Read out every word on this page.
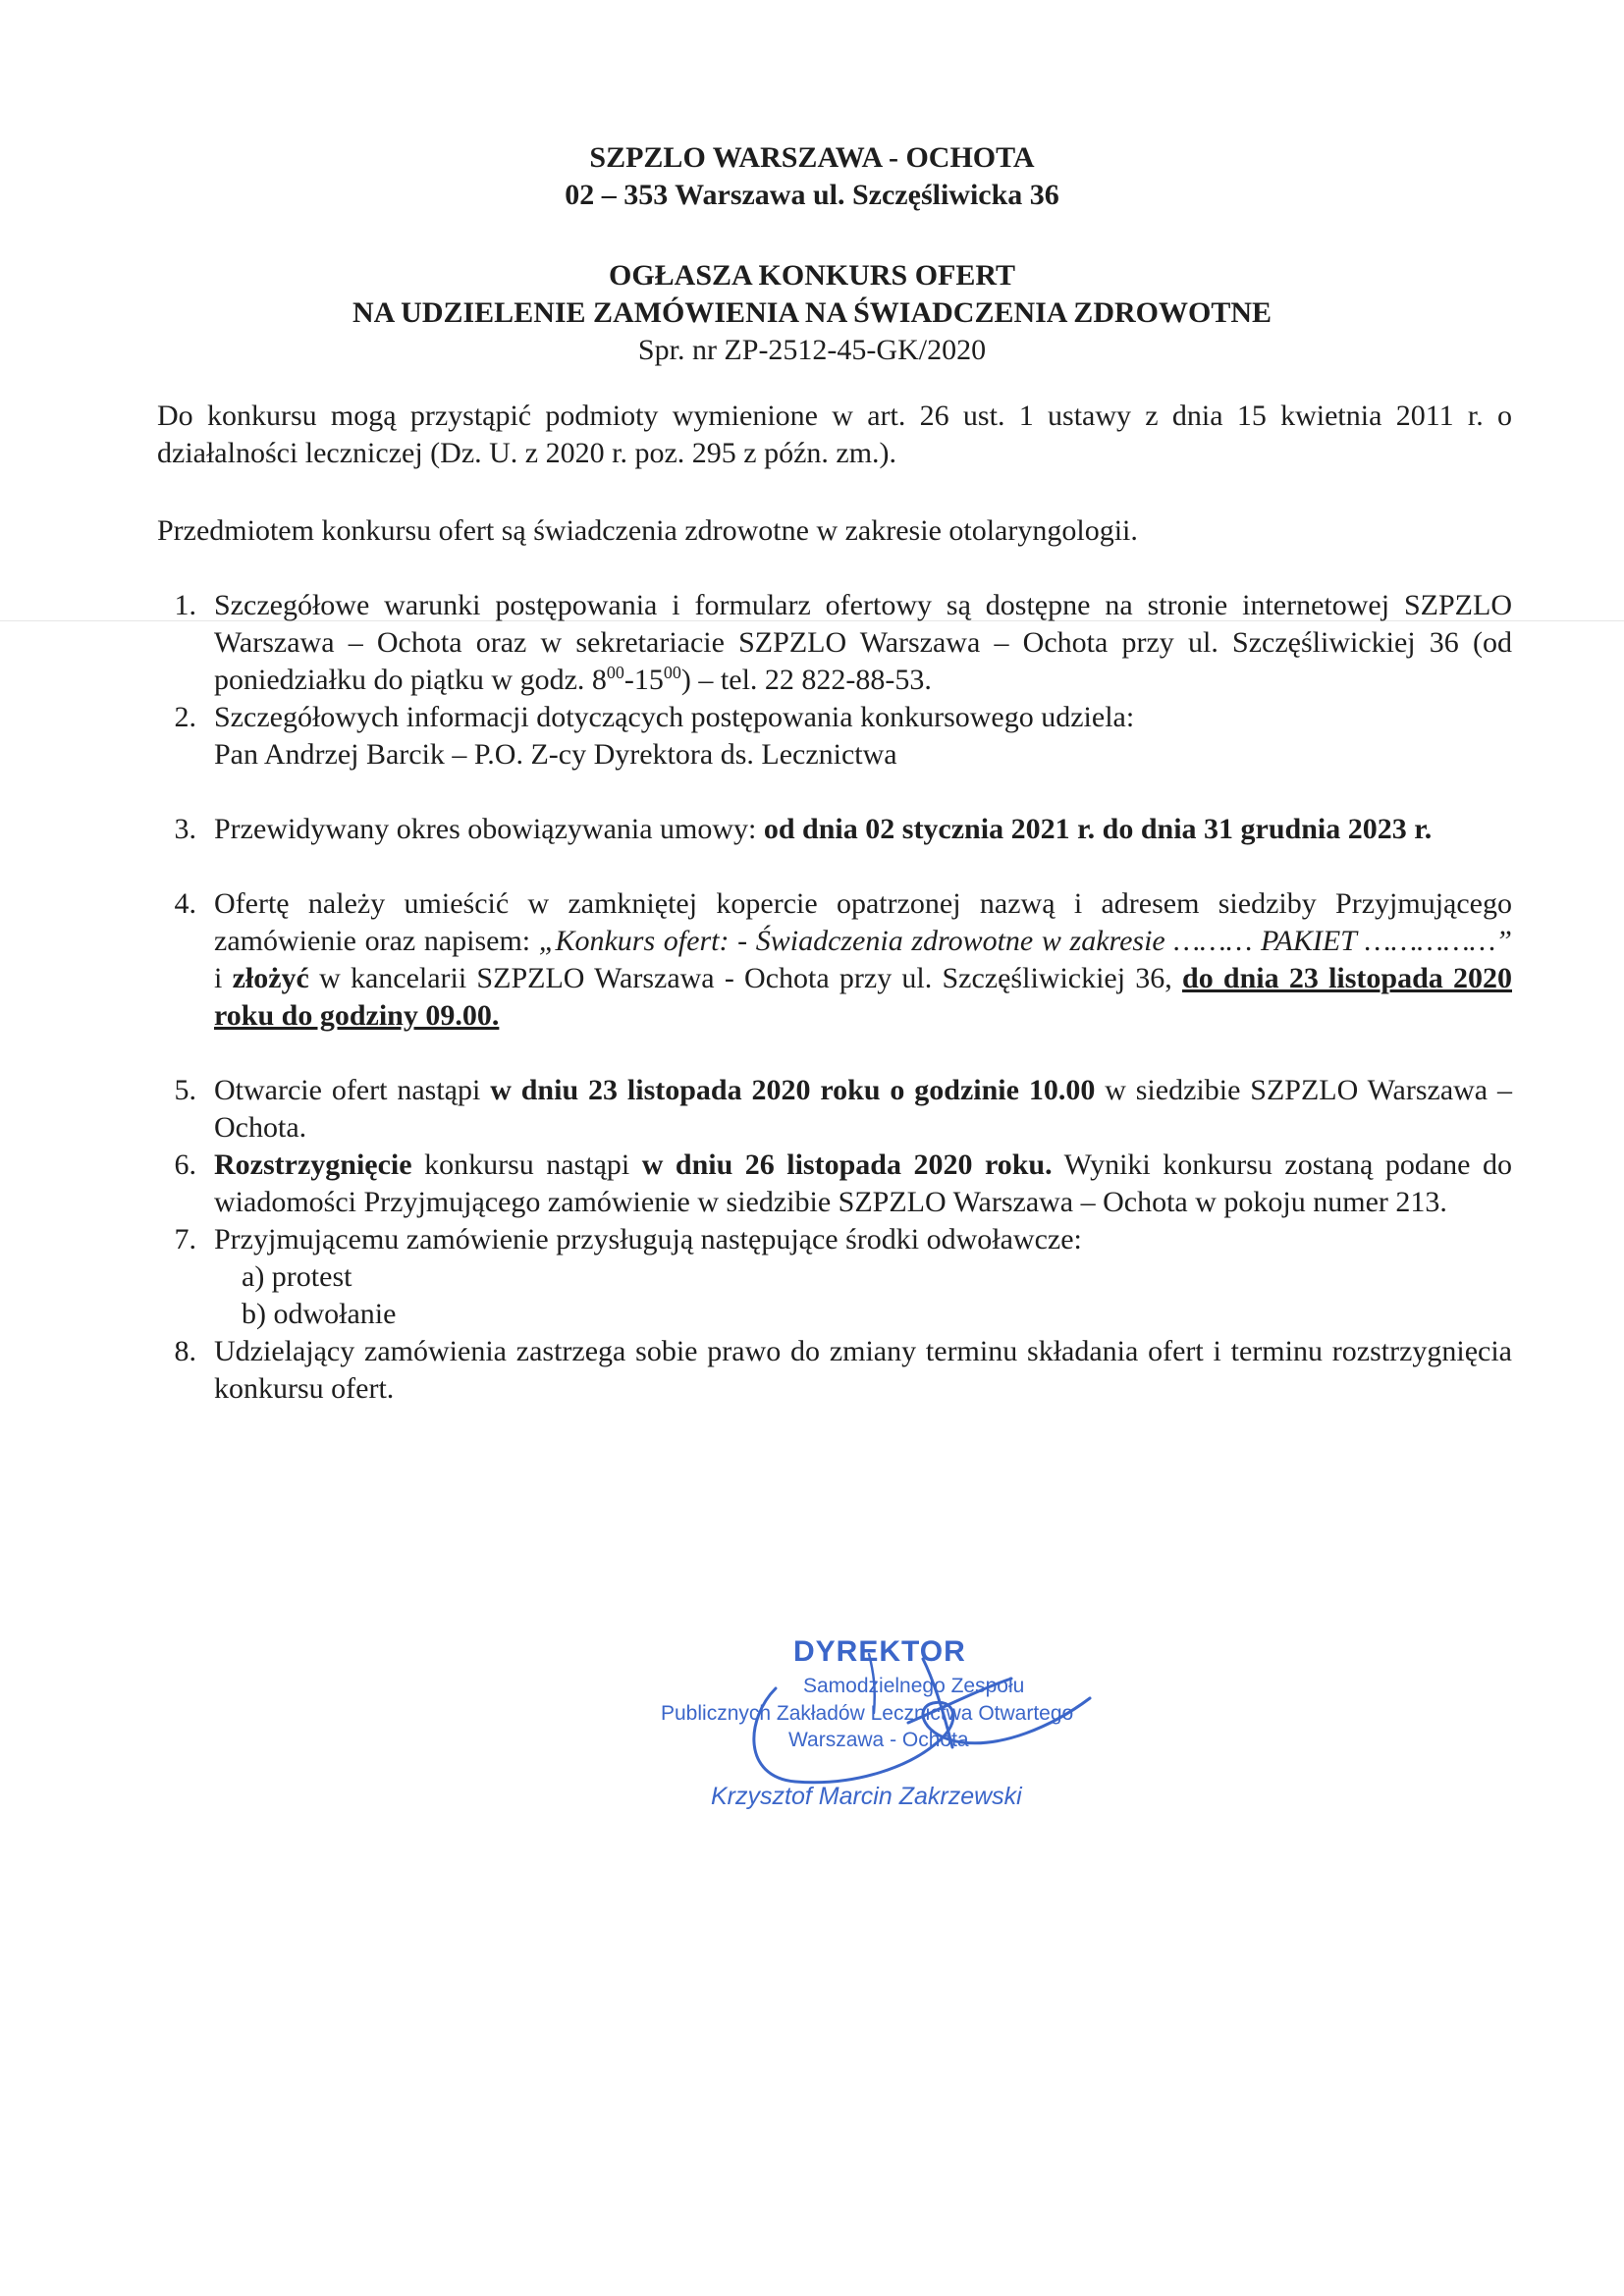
SZPZLO WARSZAWA - OCHOTA
02 – 353 Warszawa ul. Szczęśliwicka 36
OGŁASZA KONKURS OFERT
NA UDZIELENIE ZAMÓWIENIA NA ŚWIADCZENIA ZDROWOTNE
Spr. nr ZP-2512-45-GK/2020
Do konkursu mogą przystąpić podmioty wymienione w art. 26 ust. 1 ustawy z dnia 15 kwietnia 2011 r. o działalności leczniczej (Dz. U. z 2020 r. poz. 295 z późn. zm.).
Przedmiotem konkursu ofert są świadczenia zdrowotne w zakresie otolaryngologii.
1. Szczegółowe warunki postępowania i formularz ofertowy są dostępne na stronie internetowej SZPZLO Warszawa – Ochota oraz w sekretariacie SZPZLO Warszawa – Ochota przy ul. Szczęśliwickiej 36 (od poniedziałku do piątku w godz. $8^{00}-15^{00}$) – tel. 22 822-88-53.
2. Szczegółowych informacji dotyczących postępowania konkursowego udziela:
Pan Andrzej Barcik – P.O. Z-cy Dyrektora ds. Lecznictwa
3. Przewidywany okres obowiązywania umowy: od dnia 02 stycznia 2021 r. do dnia 31 grudnia 2023 r.
4. Ofertę należy umieścić w zamkniętej kopercie opatrzonej nazwą i adresem siedziby Przyjmującego zamówienie oraz napisem: „Konkurs ofert: - Świadczenia zdrowotne w zakresie ……… PAKIET ……………” i złożyć w kancelarii SZPZLO Warszawa - Ochota przy ul. Szczęśliwickiej 36, do dnia 23 listopada 2020 roku do godziny 09.00.
5. Otwarcie ofert nastąpi w dniu 23 listopada 2020 roku o godzinie 10.00 w siedzibie SZPZLO Warszawa – Ochota.
6. Rozstrzygnięcie konkursu nastąpi w dniu 26 listopada 2020 roku. Wyniki konkursu zostaną podane do wiadomości Przyjmującego zamówienie w siedzibie SZPZLO Warszawa – Ochota w pokoju numer 213.
7. Przyjmującemu zamówienie przysługują następujące środki odwoławcze:
a) protest
b) odwołanie
8. Udzielający zamówienia zastrzega sobie prawo do zmiany terminu składania ofert i terminu rozstrzygnięcia konkursu ofert.
DYREKTOR
Samodzielnego Zespołu
Publicznych Zakładów Lecznictwa Otwartego
Warszawa - Ochota
Krzysztof Marcin Zakrzewski
